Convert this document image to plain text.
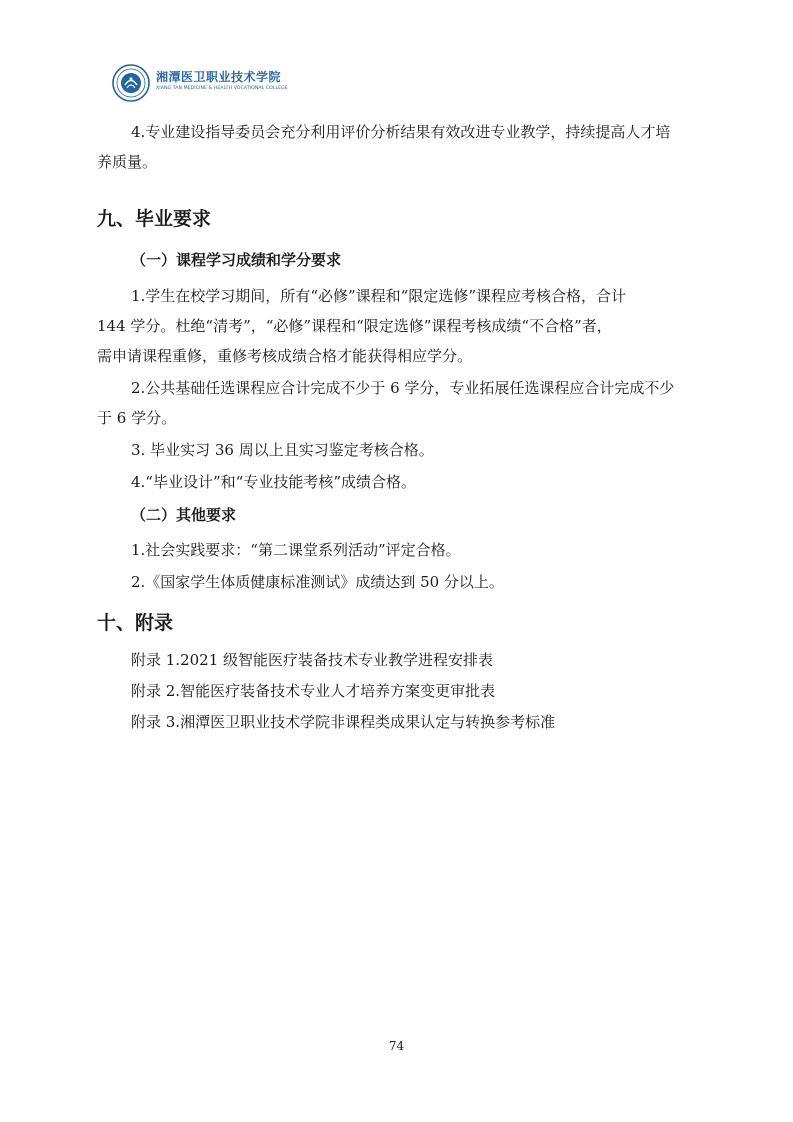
湘潭医卫职业技术学院
XIANG TAN MEDICINE & HEALTH VOCATIONAL COLLEGE
4.专业建设指导委员会充分利用评价分析结果有效改进专业教学，持续提高人才培
养质量。
九、毕业要求
（一）课程学习成绩和学分要求
1.学生在校学习期间，所有“必修”课程和“限定选修”课程应考核合格，合计
144 学分。杜绝“清考”，“必修”课程和“限定选修”课程考核成绩“不合格”者，
需申请课程重修，重修考核成绩合格才能获得相应学分。
2.公共基础任选课程应合计完成不少于 6 学分，专业拓展任选课程应合计完成不少
于 6 学分。
3. 毕业实习 36 周以上且实习鉴定考核合格。
4.“毕业设计”和“专业技能考核”成绩合格。
（二）其他要求
1.社会实践要求：“第二课堂系列活动”评定合格。
2.《国家学生体质健康标准测试》成绩达到 50 分以上。
十、附录
附录 1.2021 级智能医疗装备技术专业教学进程安排表
附录 2.智能医疗装备技术专业人才培养方案变更审批表
附录 3.湘潭医卫职业技术学院非课程类成果认定与转换参考标准
74
